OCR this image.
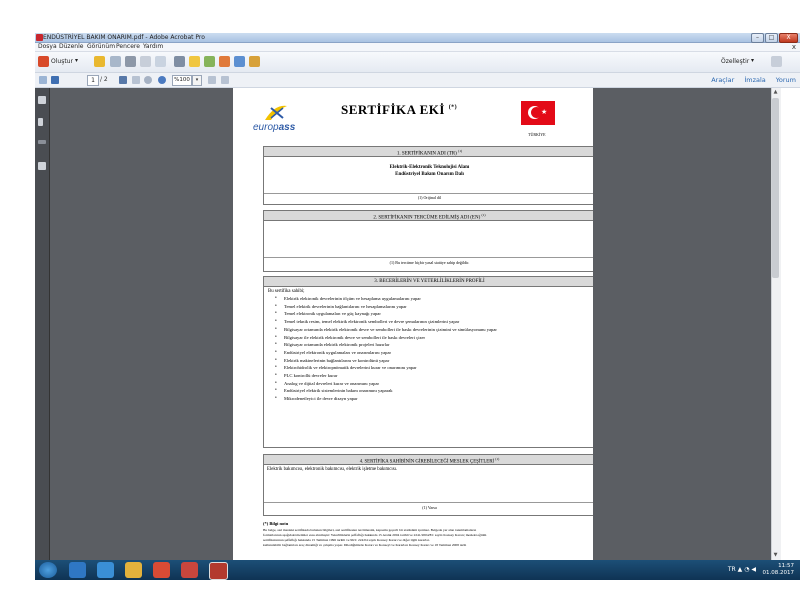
ENDÜSTRİYEL BAKIM ONARIM.pdf - Adobe Acrobat Pro	–	□	X
Dosya Düzenle Görünüm Pencere Yardım	x
Oluştur ▾	Özelleştir ▾
1 / 2	%100	▾	Araçlar İmzala Yorum
europass
SERTİFİKA EKİ (*)
★
TÜRKİYE
1. SERTİFİKANIN ADI (TR) $^{(1)}$
Elektrik-Elektronik Teknolojisi Alanı
Endüstriyel Bakım Onarım Dalı
(1) Orijinal dil
2. SERTİFİKANIN TERCÜME EDİLMİŞ ADI (EN) $^{(1)}$
(1) Bu tercüme hiçbir yasal statüye sahip değildir.
3. BECERİLERİN VE YETERLİLİKLERİN PROFİLİ
Bu sertifika sahibi;
• Elektrik elektronik devrelerinin ölçüm ve hesaplama uygulamalarını yapar
• Temel elektrik devrelerinin bağlantılarını ve hesaplamalarını yapar
• Temel elektronik uygulamaları ve güç kaynağı yapar
• Temel teknik resim, temel elektrik elektronik sembolleri ve devre şemalarının çizimlerini yapar
• Bilgisayar ortamında elektrik elektronik devre ve sembolleri ile baskı devrelerinin çizimini ve simülasyonunu yapar
• Bilgisayar ile elektrik elektronik devre ve sembolleri ile baskı devreleri çizer
• Bilgisayar ortamında elektrik elektronik projeleri hazırlar
• Endüstriyel elektronik uygulamaları ve onarımlarını yapar
• Elektrik makinelerinin bağlantılarını ve kontrolünü yapar
• Elektrohidrolik ve elektropnömatik devrelerini kurar ve onarımını yapar
• PLC kontrollü devreler kurar
• Analog ve dijital devreleri kurar ve onarımını yapar
• Endüstriyel elektrik sistemlerinin bakım onarımını yaparak
• Mikrodenetleyici ile devre dizayn yapar
4. SERTİFİKA SAHİBİNİN GİREBİLECEĞİ MESLEK ÇEŞİTLERİ $^{(1)}$
Elektrik bakımcısı, elektronik bakımcısı, elektrik işletme bakımcısı.
(1) Varsa
(*) Bilgi notu
Bu belge, asıl mesleki sertifikada bulunan bilgileri, asıl sertifikanın tercümesini, kapsamı geçerli bir statüsünü içermez. Belgede yer alan tanımlamaların
formatlarının aşağıdaki metinler esas alınmıştır: Yeterliliklerin şeffaflığı hakkında 15 Aralık 2004 tarihli ve 2241/2004/EC sayılı Konsey Kararı; mesleki eğitim
sertifikalarının şeffaflığı hakkında 15 Temmuz 1996 tarihli ve 96/C 224/04 sayılı Konsey Kararı ve diğer ilgili kararlar.
kullanılabilir bağlantıları araç dinamiği ve çalışma yapar. Dilediğimizde Kararı ve Konseyi ve Kararları Konsey Kararı ve 18 Temmuz 2008 tarih
▲
▼
TR ▲ ◔ ◀	11:57
01.08.2017
